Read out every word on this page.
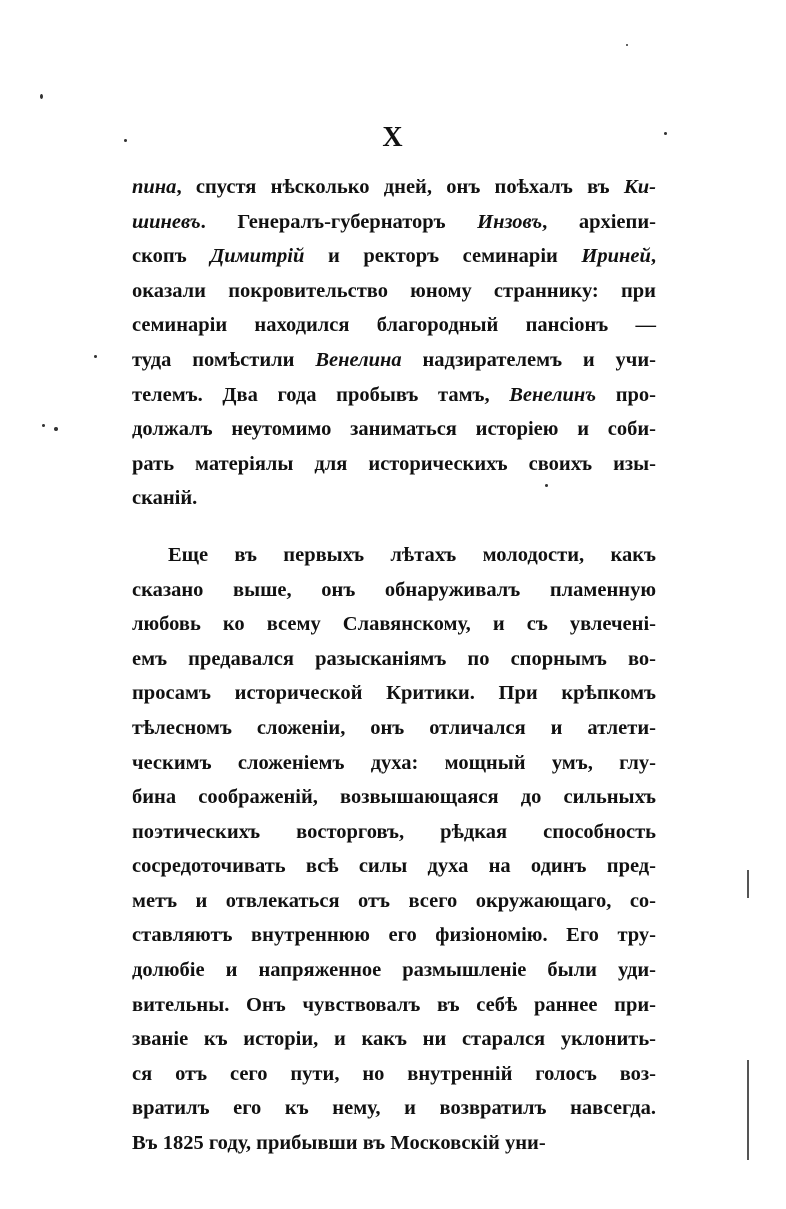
X
пина, спустя нѣсколько дней, онъ поѣхалъ въ Ки-
шиневъ. Генералъ-губернаторъ Инзовъ, архіепи-
скопъ Димитрій и ректоръ семинаріи Ириней,
оказали покровительство юному страннику: при
семинаріи находился благородный пансіонъ —
туда помѣстили Венелина надзирателемъ и учи-
телемъ. Два года пробывъ тамъ, Венелинъ про-
должалъ неутомимо заниматься исторіею и соби-
рать матеріялы для историческихъ своихъ изы-
сканій.
Еще въ первыхъ лѣтахъ молодости, какъ
сказано выше, онъ обнаруживалъ пламенную
любовь ко всему Славянскому, и съ увлечені-
емъ предавался разысканіямъ по спорнымъ во-
просамъ исторической Критики. При крѣпкомъ
тѣлесномъ сложеніи, онъ отличался и атлети-
ческимъ сложеніемъ духа: мощный умъ, глу-
бина соображеній, возвышающаяся до сильныхъ
поэтическихъ восторговъ, рѣдкая способность
сосредоточивать всѣ силы духа на одинъ пред-
метъ и отвлекаться отъ всего окружающаго, со-
ставляютъ внутреннюю его физіономію. Его тру-
долюбіе и напряженное размышленіе были уди-
вительны. Онъ чувствовалъ въ себѣ раннее при-
званіе къ исторіи, и какъ ни старался уклонить-
ся отъ сего пути, но внутренній голосъ воз-
вратилъ его къ нему, и возвратилъ навсегда.
Въ 1825 году, прибывши въ Московскій уни-
